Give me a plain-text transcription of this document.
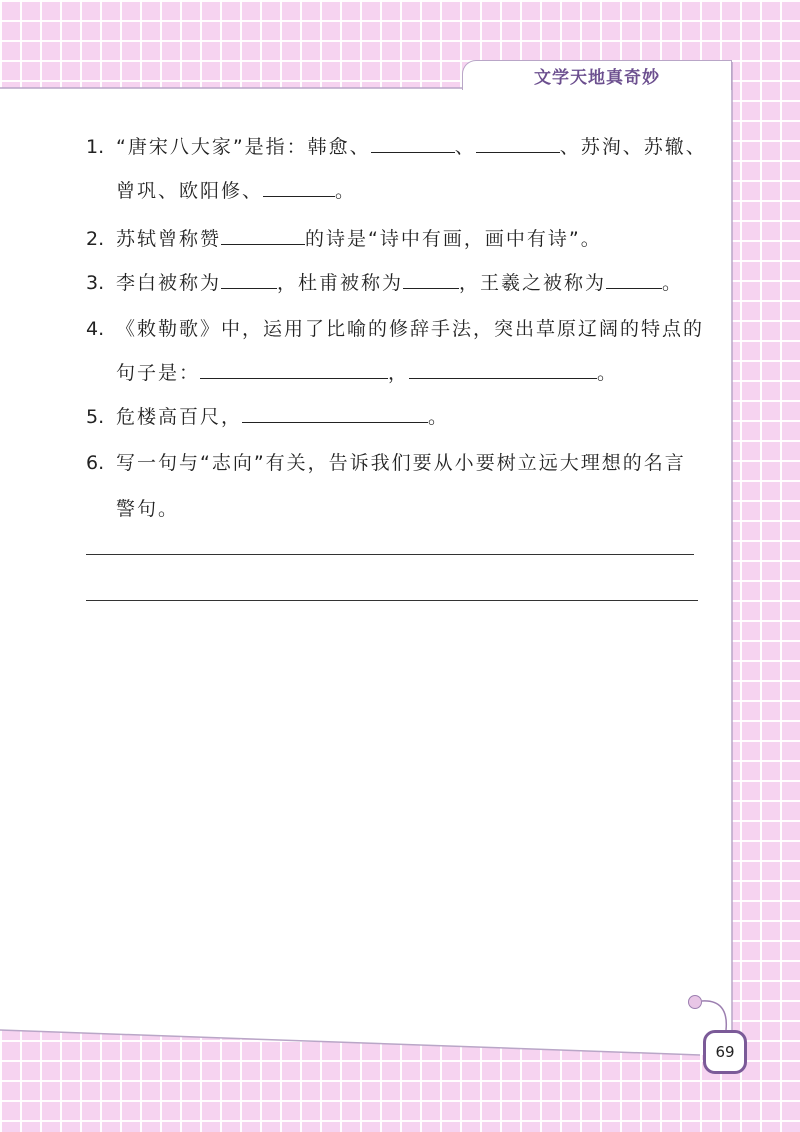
文学天地真奇妙
1. “唐宋八大家”是指：韩愈、	、	、苏洵、苏辙、
曾巩、欧阳修、	。
2. 苏轼曾称赞	的诗是“诗中有画，画中有诗”。
3. 李白被称为	，杜甫被称为	，王羲之被称为	。
4. 《敕勒歌》中，运用了比喻的修辞手法，突出草原辽阔的特点的
句子是：	，	。
5. 危楼高百尺，	。
6. 写一句与“志向”有关，告诉我们要从小要树立远大理想的名言
警句。
69
